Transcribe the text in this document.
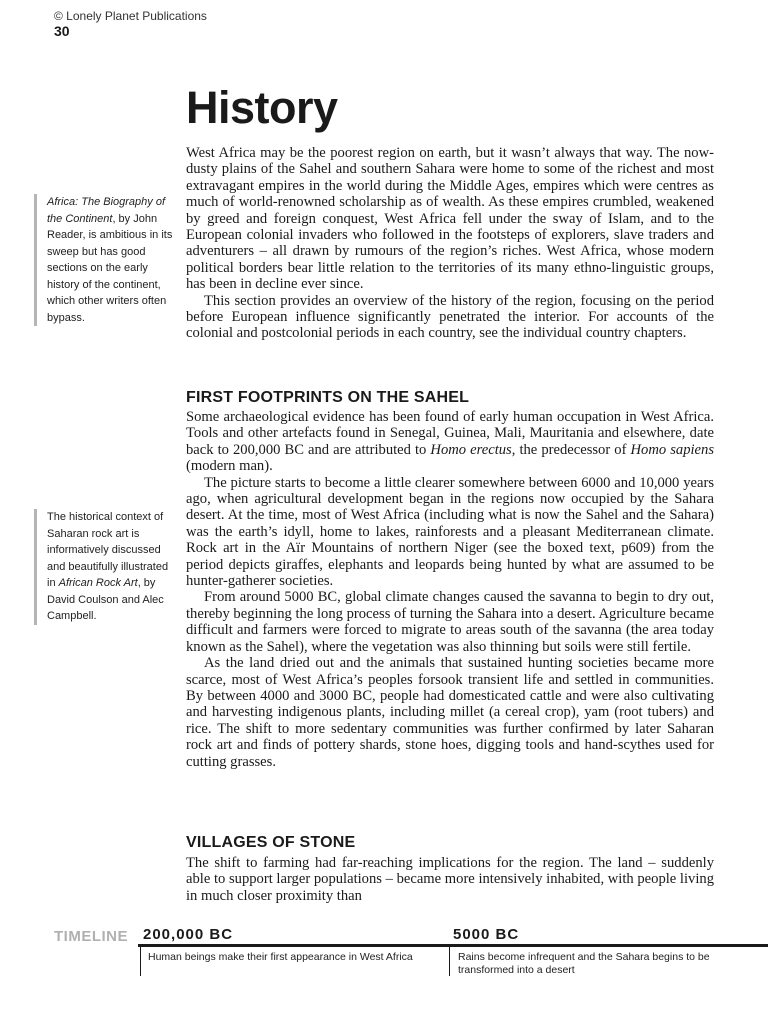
© Lonely Planet Publications
30
History

West Africa may be the poorest region on earth, but it wasn’t always that way. The now-dusty plains of the Sahel and southern Sahara were home to some of the richest and most extravagant empires in the world during the Middle Ages, empires which were centres as much of world-renowned scholarship as of wealth. As these empires crumbled, weakened by greed and foreign conquest, West Africa fell under the sway of Islam, and to the European colonial invaders who followed in the footsteps of explorers, slave traders and adventurers – all drawn by rumours of the region’s riches. West Africa, whose modern political borders bear little relation to the territories of its many ethno-linguistic groups, has been in decline ever since.

This section provides an overview of the history of the region, focusing on the period before European influence significantly penetrated the interior. For accounts of the colonial and postcolonial periods in each country, see the individual country chapters.

FIRST FOOTPRINTS ON THE SAHEL

Some archaeological evidence has been found of early human occupation in West Africa. Tools and other artefacts found in Senegal, Guinea, Mali, Mauritania and elsewhere, date back to 200,000 BC and are attributed to Homo erectus, the predecessor of Homo sapiens (modern man).

The picture starts to become a little clearer somewhere between 6000 and 10,000 years ago, when agricultural development began in the regions now occupied by the Sahara desert. At the time, most of West Africa (including what is now the Sahel and the Sahara) was the earth’s idyll, home to lakes, rainforests and a pleasant Mediterranean climate. Rock art in the Aïr Mountains of northern Niger (see the boxed text, p609) from the period depicts giraffes, elephants and leopards being hunted by what are assumed to be hunter-gatherer societies.

From around 5000 BC, global climate changes caused the savanna to begin to dry out, thereby beginning the long process of turning the Sahara into a desert. Agriculture became difficult and farmers were forced to migrate to areas south of the savanna (the area today known as the Sahel), where the vegetation was also thinning but soils were still fertile.

As the land dried out and the animals that sustained hunting societies became more scarce, most of West Africa’s peoples forsook transient life and settled in communities. By between 4000 and 3000 BC, people had domesticated cattle and were also cultivating and harvesting indigenous plants, including millet (a cereal crop), yam (root tubers) and rice. The shift to more sedentary communities was further confirmed by later Saharan rock art and finds of pottery shards, stone hoes, digging tools and hand-scythes used for cutting grasses.

VILLAGES OF STONE

The shift to farming had far-reaching implications for the region. The land – suddenly able to support larger populations – became more intensively inhabited, with people living in much closer proximity than

Africa: The Biography of the Continent, by John Reader, is ambitious in its sweep but has good sections on the early history of the continent, which other writers often bypass.
The historical context of Saharan rock art is informatively discussed and beautifully illustrated in African Rock Art, by David Coulson and Alec Campbell.
TIMELINE 200,000 BC	5000 BC
Human beings make their first appearance in West Africa	Rains become infrequent and the Sahara begins to be transformed into a desert
